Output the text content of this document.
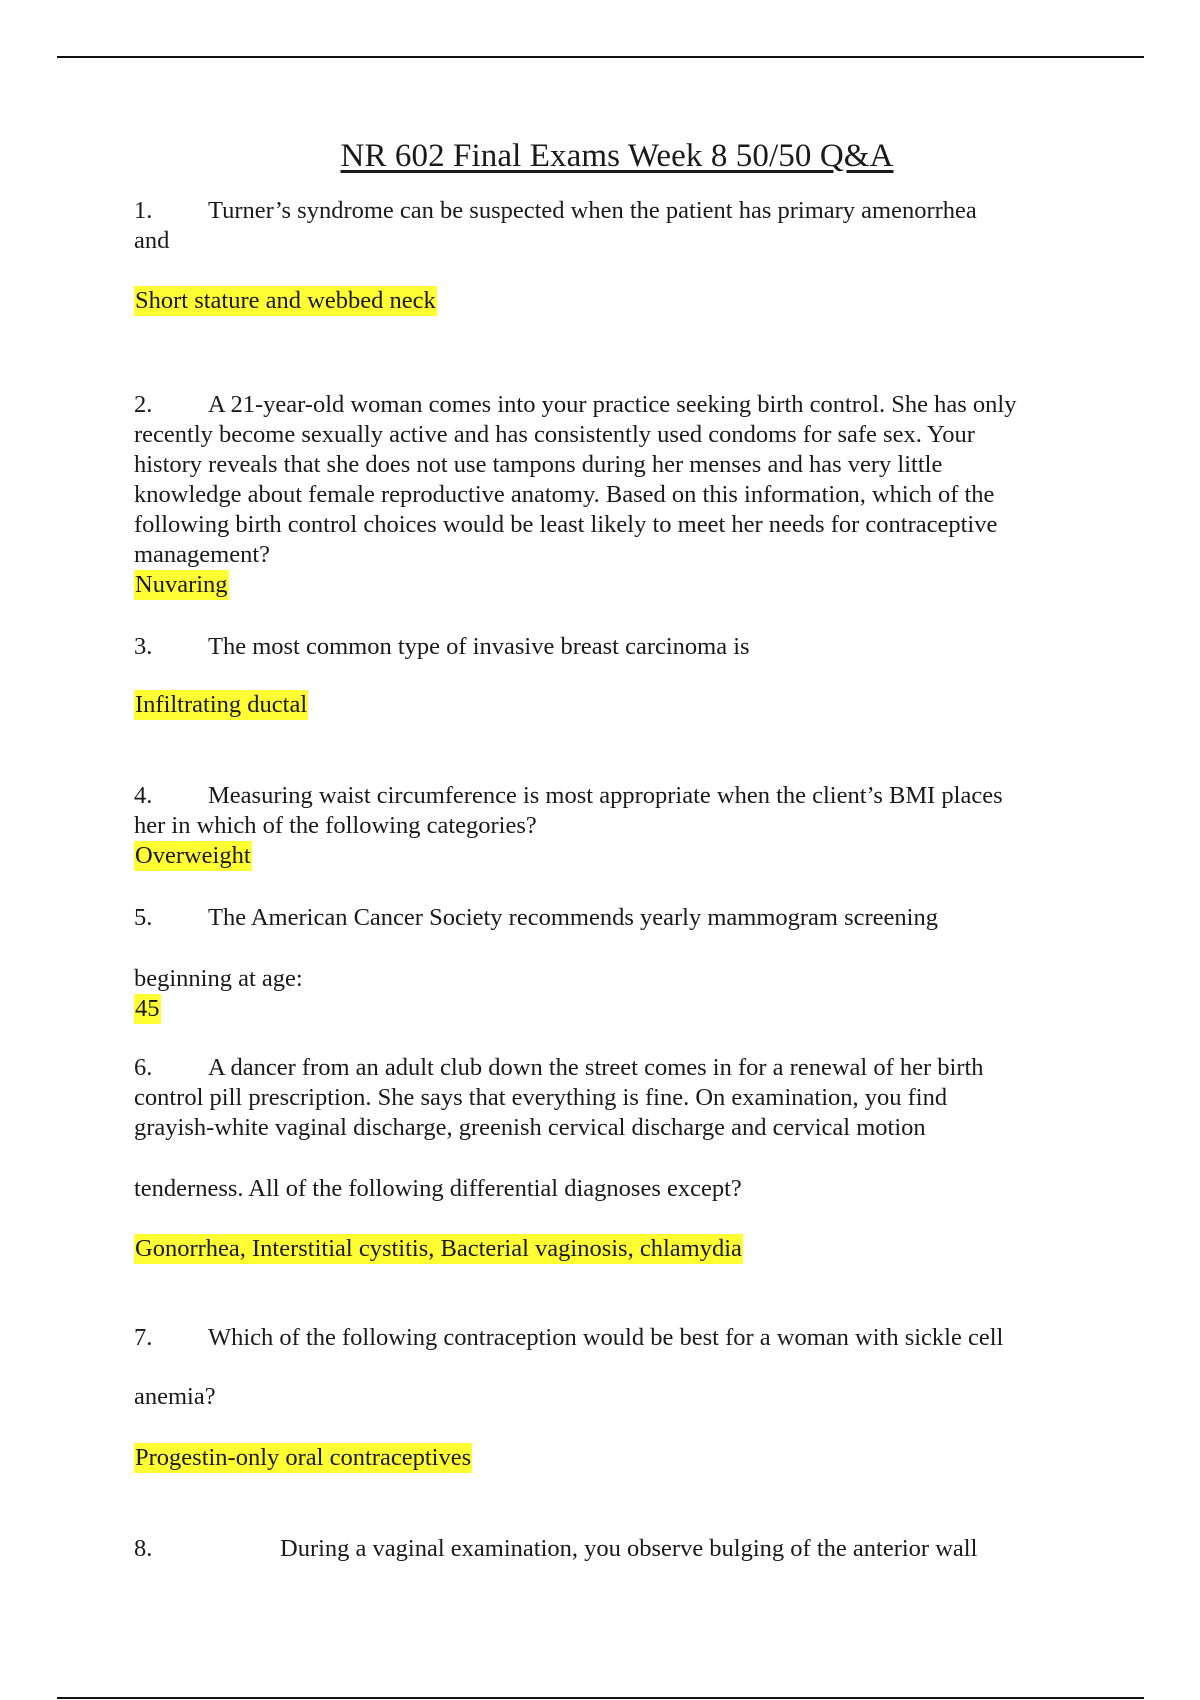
NR 602 Final Exams Week 8 50/50 Q&A
1. Turner’s syndrome can be suspected when the patient has primary amenorrhea
and
Short stature and webbed neck
2. A 21-year-old woman comes into your practice seeking birth control. She has only
recently become sexually active and has consistently used condoms for safe sex. Your
history reveals that she does not use tampons during her menses and has very little
knowledge about female reproductive anatomy. Based on this information, which of the
following birth control choices would be least likely to meet her needs for contraceptive
management?
Nuvaring
3. The most common type of invasive breast carcinoma is
Infiltrating ductal
4. Measuring waist circumference is most appropriate when the client’s BMI places
her in which of the following categories?
Overweight
5. The American Cancer Society recommends yearly mammogram screening
beginning at age:
45
6. A dancer from an adult club down the street comes in for a renewal of her birth
control pill prescription. She says that everything is fine. On examination, you find
grayish-white vaginal discharge, greenish cervical discharge and cervical motion
tenderness. All of the following differential diagnoses except?
Gonorrhea, Interstitial cystitis, Bacterial vaginosis, chlamydia
7. Which of the following contraception would be best for a woman with sickle cell
anemia?
Progestin-only oral contraceptives
8.	During a vaginal examination, you observe bulging of the anterior wall
